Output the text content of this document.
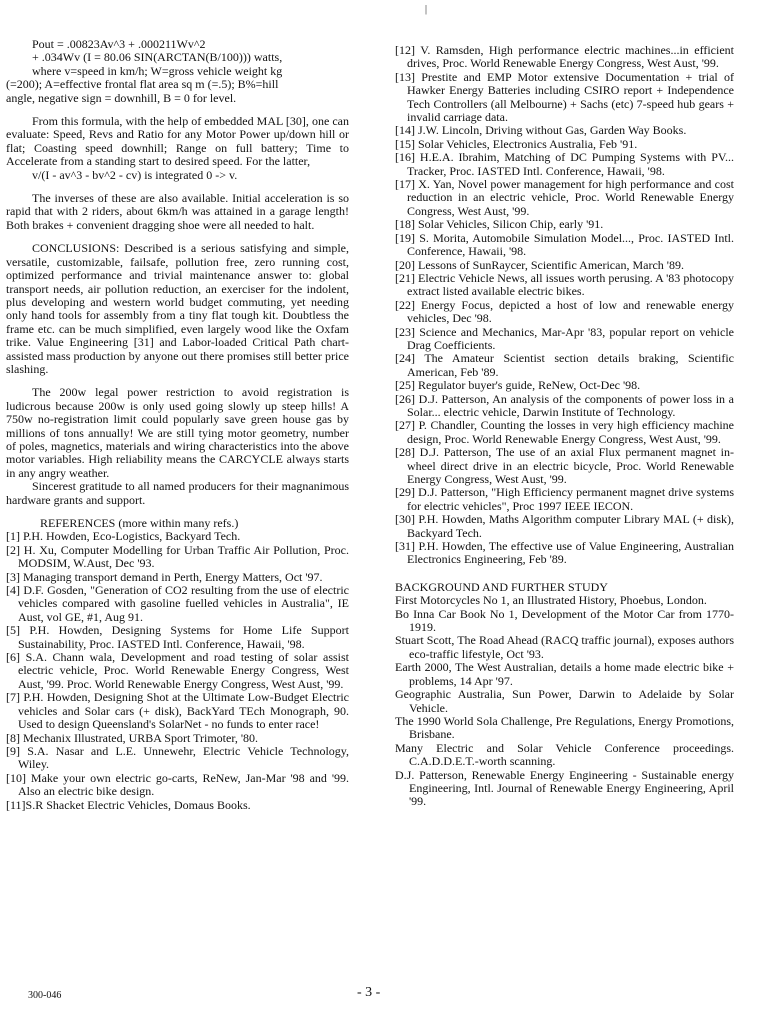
|

Pout = .00823Av^3 + .000211Wv^2

+ .034Wv (I = 80.06 SIN(ARCTAN(B/100))) watts,

where v=speed in km/h; W=gross vehicle weight kg

(=200); A=effective frontal flat area sq m (=.5); B%=hill

angle, negative sign = downhill, B = 0 for level.

From this formula, with the help of embedded MAL [30], one can evaluate: Speed, Revs and Ratio for any Motor Power up/down hill or flat; Coasting speed downhill; Range on full battery; Time to Accelerate from a standing start to desired speed. For the latter,

v/(I - av^3 - bv^2 - cv) is integrated 0 -> v.

The inverses of these are also available. Initial acceleration is so rapid that with 2 riders, about 6km/h was attained in a garage length! Both brakes + convenient dragging shoe were all needed to halt.

CONCLUSIONS: Described is a serious satisfying and simple, versatile, customizable, failsafe, pollution free, zero running cost, optimized performance and trivial maintenance answer to: global transport needs, air pollution reduction, an exerciser for the indolent, plus developing and western world budget commuting, yet needing only hand tools for assembly from a tiny flat tough kit. Doubtless the frame etc. can be much simplified, even largely wood like the Oxfam trike. Value Engineering [31] and Labor-loaded Critical Path chart-assisted mass production by anyone out there promises still better price slashing.

The 200w legal power restriction to avoid registration is ludicrous because 200w is only used going slowly up steep hills! A 750w no-registration limit could popularly save green house gas by millions of tons annually! We are still tying motor geometry, number of poles, magnetics, materials and wiring characteristics into the above motor variables. High reliability means the CARCYCLE always starts in any angry weather.

Sincerest gratitude to all named producers for their magnanimous hardware grants and support.

REFERENCES (more within many refs.)

[1] P.H. Howden, Eco-Logistics, Backyard Tech.

[2] H. Xu, Computer Modelling for Urban Traffic Air Pollution, Proc. MODSIM, W.Aust, Dec '93.

[3] Managing transport demand in Perth, Energy Matters, Oct '97.

[4] D.F. Gosden, "Generation of CO2 resulting from the use of electric vehicles compared with gasoline fuelled vehicles in Australia", IE Aust, vol GE, #1, Aug 91.

[5] P.H. Howden, Designing Systems for Home Life Support Sustainability, Proc. IASTED Intl. Conference, Hawaii, '98.

[6] S.A. Chann wala, Development and road testing of solar assist electric vehicle, Proc. World Renewable Energy Congress, West Aust, '99. Proc. World Renewable Energy Congress, West Aust, '99.

[7] P.H. Howden, Designing Shot at the Ultimate Low-Budget Electric vehicles and Solar cars (+ disk), BackYard TEch Monograph, 90. Used to design Queensland's SolarNet - no funds to enter race!

[8] Mechanix Illustrated, URBA Sport Trimoter, '80.

[9] S.A. Nasar and L.E. Unnewehr, Electric Vehicle Technology, Wiley.

[10] Make your own electric go-carts, ReNew, Jan-Mar '98 and '99. Also an electric bike design.

[11]S.R Shacket Electric Vehicles, Domaus Books.

[12] V. Ramsden, High performance electric machines...in efficient drives, Proc. World Renewable Energy Congress, West Aust, '99.

[13] Prestite and EMP Motor extensive Documentation + trial of Hawker Energy Batteries including CSIRO report + Independence Tech Controllers (all Melbourne) + Sachs (etc) 7-speed hub gears + invalid carriage data.

[14] J.W. Lincoln, Driving without Gas, Garden Way Books.

[15] Solar Vehicles, Electronics Australia, Feb '91.

[16] H.E.A. Ibrahim, Matching of DC Pumping Systems with PV... Tracker, Proc. IASTED Intl. Conference, Hawaii, '98.

[17] X. Yan, Novel power management for high performance and cost reduction in an electric vehicle, Proc. World Renewable Energy Congress, West Aust, '99.

[18] Solar Vehicles, Silicon Chip, early '91.

[19] S. Morita, Automobile Simulation Model..., Proc. IASTED Intl. Conference, Hawaii, '98.

[20] Lessons of SunRaycer, Scientific American, March '89.

[21] Electric Vehicle News, all issues worth perusing. A '83 photocopy extract listed available electric bikes.

[22] Energy Focus, depicted a host of low and renewable energy vehicles, Dec '98.

[23] Science and Mechanics, Mar-Apr '83, popular report on vehicle Drag Coefficients.

[24] The Amateur Scientist section details braking, Scientific American, Feb '89.

[25] Regulator buyer's guide, ReNew, Oct-Dec '98.

[26] D.J. Patterson, An analysis of the components of power loss in a Solar... electric vehicle, Darwin Institute of Technology.

[27] P. Chandler, Counting the losses in very high efficiency machine design, Proc. World Renewable Energy Congress, West Aust, '99.

[28] D.J. Patterson, The use of an axial Flux permanent magnet in-wheel direct drive in an electric bicycle, Proc. World Renewable Energy Congress, West Aust, '99.

[29] D.J. Patterson, "High Efficiency permanent magnet drive systems for electric vehicles", Proc 1997 IEEE IECON.

[30] P.H. Howden, Maths Algorithm computer Library MAL (+ disk), Backyard Tech.

[31] P.H. Howden, The effective use of Value Engineering, Australian Electronics Engineering, Feb '89.

BACKGROUND AND FURTHER STUDY

First Motorcycles No 1, an Illustrated History, Phoebus, London.

Bo Inna Car Book No 1, Development of the Motor Car from 1770-1919.

Stuart Scott, The Road Ahead (RACQ traffic journal), exposes authors eco-traffic lifestyle, Oct '93.

Earth 2000, The West Australian, details a home made electric bike + problems, 14 Apr '97.

Geographic Australia, Sun Power, Darwin to Adelaide by Solar Vehicle.

The 1990 World Sola Challenge, Pre Regulations, Energy Promotions, Brisbane.

Many Electric and Solar Vehicle Conference proceedings. C.A.D.D.E.T.-worth scanning.

D.J. Patterson, Renewable Energy Engineering - Sustainable energy Engineering, Intl. Journal of Renewable Energy Engineering, April '99.

300-046	- 3 -
